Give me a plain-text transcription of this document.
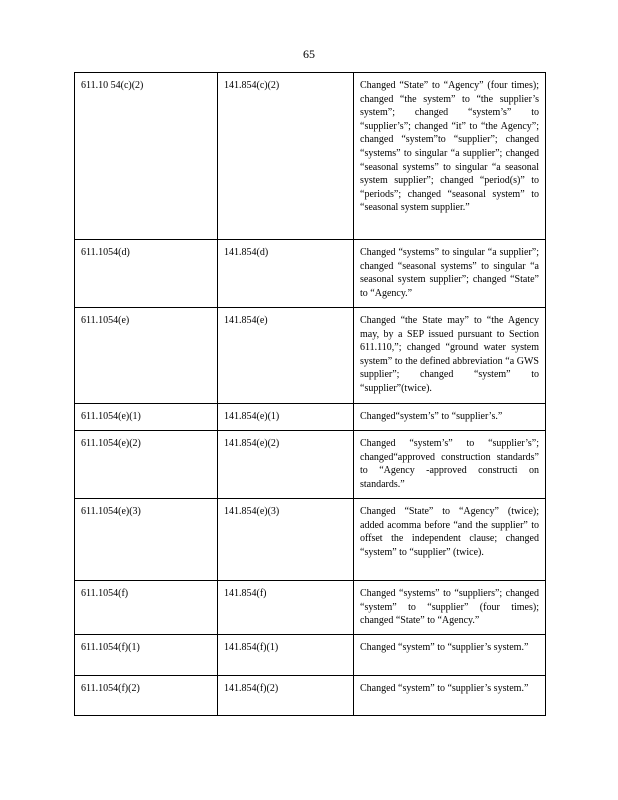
65
611.10 54(c)(2)	141.854(c)(2)	Changed “State” to “Agency” (four times); changed “the system” to “the supplier’s system”; changed “system’s” to “supplier’s”; changed “it” to “the Agency”; changed “system”to “supplier”; changed “systems” to singular “a supplier”; changed “seasonal systems” to singular “a seasonal system supplier”; changed “period(s)” to “periods”; changed “seasonal system” to “seasonal system supplier.”
611.1054(d)	141.854(d)	Changed “systems” to singular “a supplier”; changed “seasonal systems” to singular “a seasonal system supplier”; changed “State” to “Agency.”
611.1054(e)	141.854(e)	Changed “the State may” to “the Agency may, by a SEP issued pursuant to Section 611.110,”; changed “ground water system system” to the defined abbreviation “a GWS supplier”; changed “system” to “supplier”(twice).
611.1054(e)(1)	141.854(e)(1)	Changed“system’s” to “supplier’s.”
611.1054(e)(2)	141.854(e)(2)	Changed “system’s” to “supplier’s”; changed“approved construction standards” to “Agency -approved constructi on standards.”
611.1054(e)(3)	141.854(e)(3)	Changed “State” to “Agency” (twice); added acomma before “and the supplier” to offset the independent clause; changed “system” to “supplier” (twice).
611.1054(f)	141.854(f)	Changed “systems” to “suppliers”; changed “system” to “supplier” (four times); changed “State” to “Agency.”
611.1054(f)(1)	141.854(f)(1)	Changed “system” to “supplier’s system.”
611.1054(f)(2)	141.854(f)(2)	Changed “system” to “supplier’s system.”
